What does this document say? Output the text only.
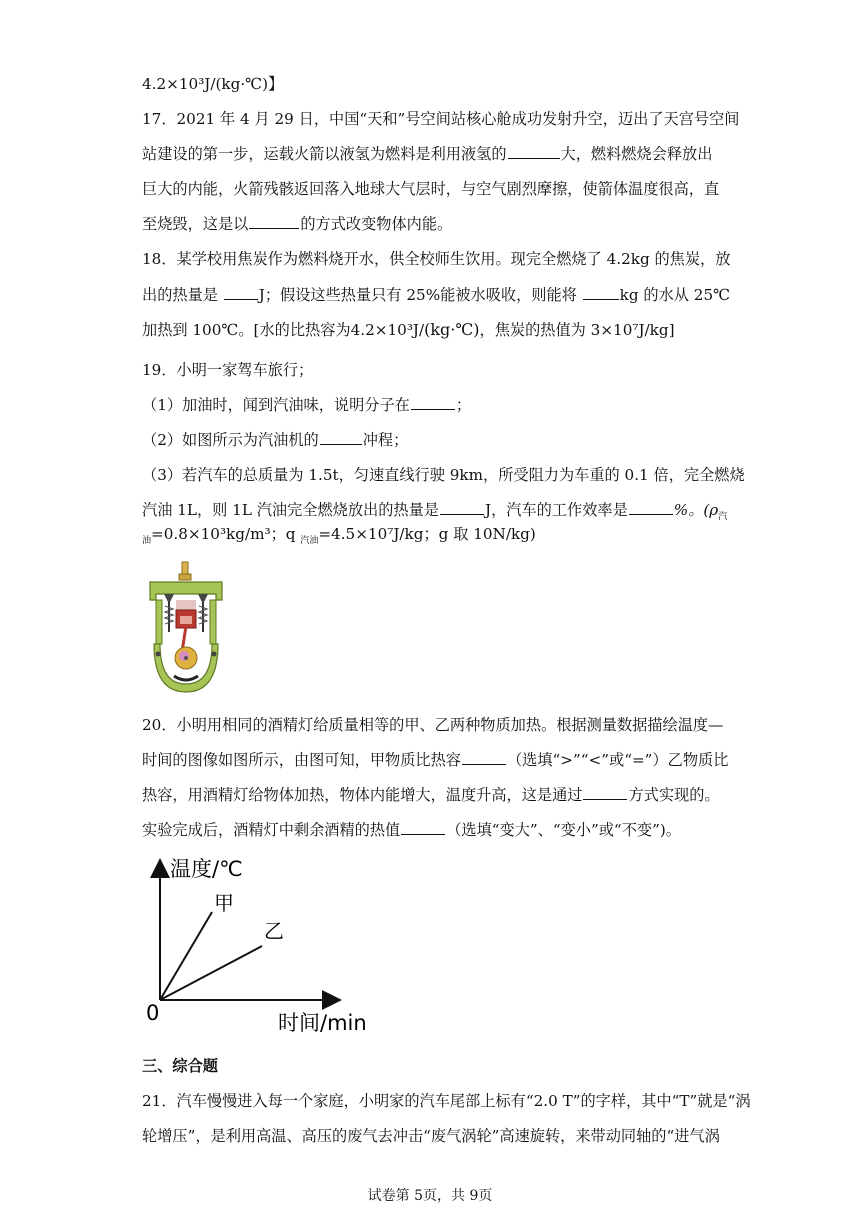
4.2×10³J/(kg·℃)】
17．2021 年 4 月 29 日，中国“天和”号空间站核心舱成功发射升空，迈出了天宫号空间
站建设的第一步，运载火箭以液氢为燃料是利用液氢的	大，燃料燃烧会释放出
巨大的内能，火箭残骸返回落入地球大气层时，与空气剧烈摩擦，使箭体温度很高，直
至烧毁，这是以	的方式改变物体内能。
18．某学校用焦炭作为燃料烧开水，供全校师生饮用。现完全燃烧了 4.2kg 的焦炭，放
出的热量是 J；假设这些热量只有 25%能被水吸收，则能将	kg 的水从 25℃
加热到 100℃。[水的比热容为4.2×10³J/(kg·℃)，焦炭的热值为 3×10⁷J/kg]
19．小明一家驾车旅行；
（1）加油时，闻到汽油味，说明分子在	；
（2）如图所示为汽油机的	冲程；
（3）若汽车的总质量为 1.5t，匀速直线行驶 9km，所受阻力为车重的 0.1 倍，完全燃烧
汽油 1L，则 1L 汽油完全燃烧放出的热量是	J，汽车的工作效率是	%。($\rho_汽$
$_油$=0.8×10³kg/m³；q $_{汽油}$=4.5×10⁷J/kg；g 取 10N/kg)
20．小明用相同的酒精灯给质量相等的甲、乙两种物质加热。根据测量数据描绘温度—
时间的图像如图所示，由图可知，甲物质比热容	（选填“>”“<”或“=”）乙物质比
热容，用酒精灯给物体加热，物体内能增大，温度升高，这是通过	方式实现的。
实验完成后，酒精灯中剩余酒精的热值	（选填“变大”、“变小”或“不变”)。
温度/℃
时间/min
0
甲
乙
三、综合题
21．汽车慢慢进入每一个家庭，小明家的汽车尾部上标有“2.0 T”的字样，其中“T”就是“涡
轮增压”，是利用高温、高压的废气去冲击“废气涡轮”高速旋转，来带动同轴的“进气涡
试卷第 5页，共 9页
